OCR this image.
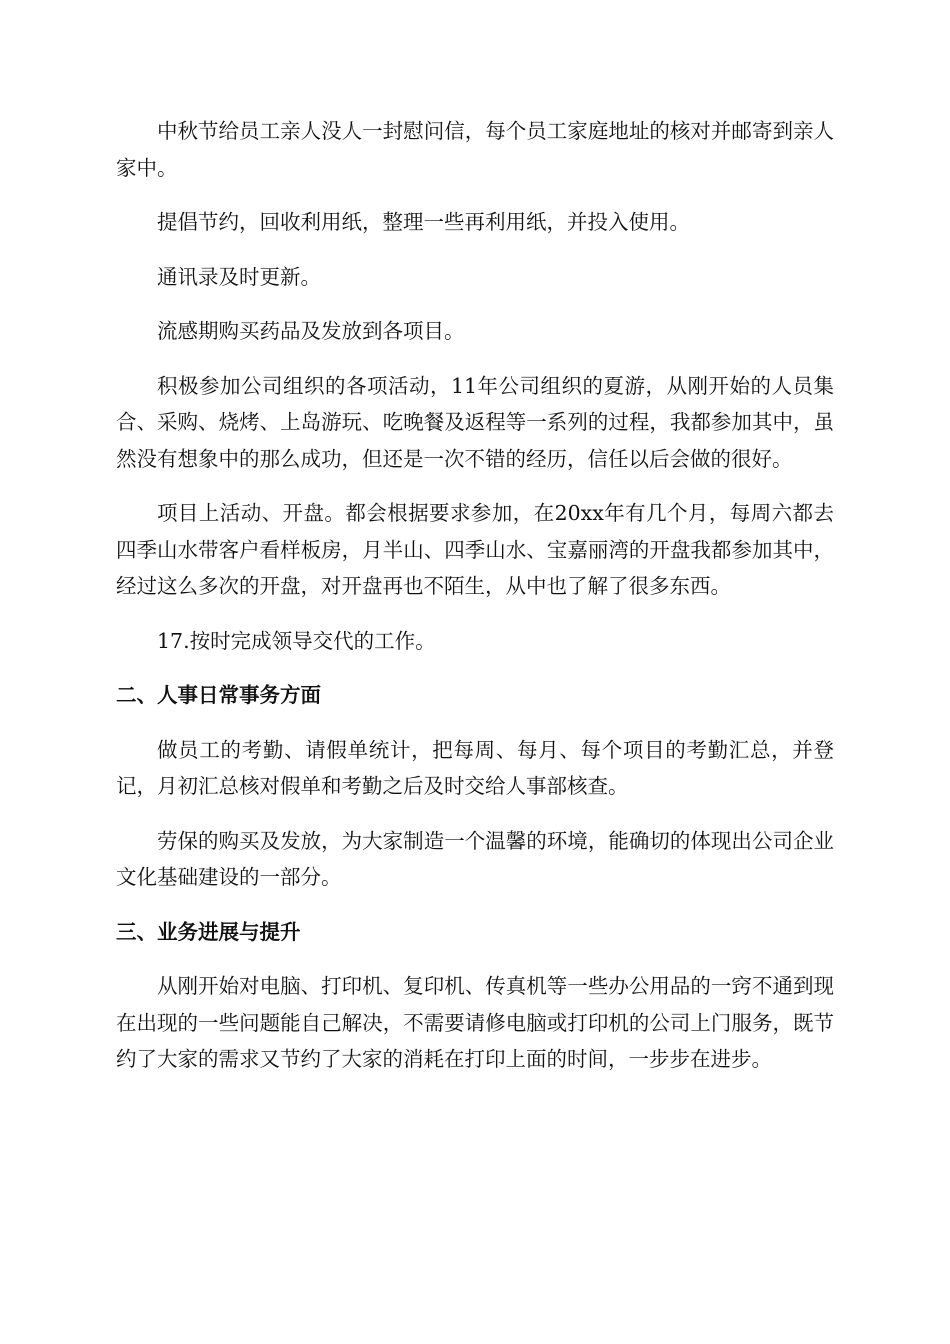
中秋节给员工亲人没人一封慰问信，每个员工家庭地址的核对并邮寄到亲人家中。

提倡节约，回收利用纸，整理一些再利用纸，并投入使用。

通讯录及时更新。

流感期购买药品及发放到各项目。

积极参加公司组织的各项活动，11年公司组织的夏游，从刚开始的人员集合、采购、烧烤、上岛游玩、吃晚餐及返程等一系列的过程，我都参加其中，虽然没有想象中的那么成功，但还是一次不错的经历，信任以后会做的很好。

项目上活动、开盘。都会根据要求参加，在20xx年有几个月，每周六都去四季山水带客户看样板房，月半山、四季山水、宝嘉丽湾的开盘我都参加其中，经过这么多次的开盘，对开盘再也不陌生，从中也了解了很多东西。

17.按时完成领导交代的工作。

二、人事日常事务方面

做员工的考勤、请假单统计，把每周、每月、每个项目的考勤汇总，并登记，月初汇总核对假单和考勤之后及时交给人事部核查。

劳保的购买及发放，为大家制造一个温馨的环境，能确切的体现出公司企业文化基础建设的一部分。

三、业务进展与提升

从刚开始对电脑、打印机、复印机、传真机等一些办公用品的一窍不通到现在出现的一些问题能自己解决，不需要请修电脑或打印机的公司上门服务，既节约了大家的需求又节约了大家的消耗在打印上面的时间，一步步在进步。
